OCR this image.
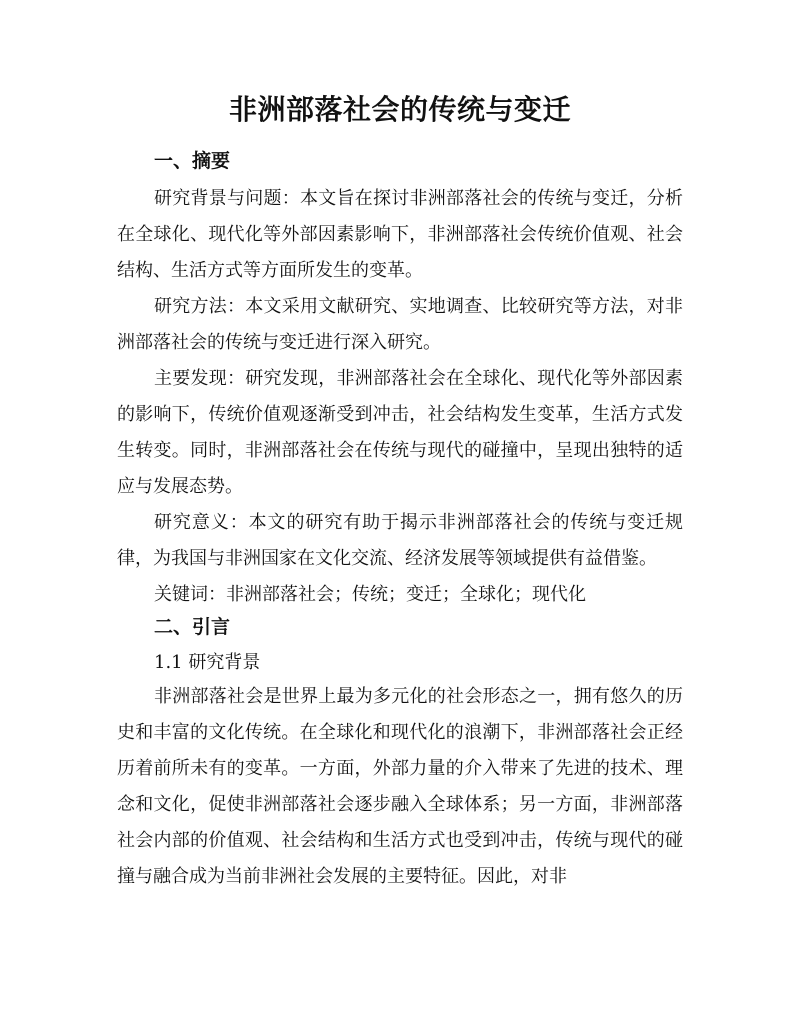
非洲部落社会的传统与变迁
一、摘要

研究背景与问题：本文旨在探讨非洲部落社会的传统与变迁，分析在全球化、现代化等外部因素影响下，非洲部落社会传统价值观、社会结构、生活方式等方面所发生的变革。

研究方法：本文采用文献研究、实地调查、比较研究等方法，对非洲部落社会的传统与变迁进行深入研究。

主要发现：研究发现，非洲部落社会在全球化、现代化等外部因素的影响下，传统价值观逐渐受到冲击，社会结构发生变革，生活方式发生转变。同时，非洲部落社会在传统与现代的碰撞中，呈现出独特的适应与发展态势。

研究意义：本文的研究有助于揭示非洲部落社会的传统与变迁规律，为我国与非洲国家在文化交流、经济发展等领域提供有益借鉴。

关键词：非洲部落社会；传统；变迁；全球化；现代化

二、引言
1.1 研究背景

非洲部落社会是世界上最为多元化的社会形态之一，拥有悠久的历史和丰富的文化传统。在全球化和现代化的浪潮下，非洲部落社会正经历着前所未有的变革。一方面，外部力量的介入带来了先进的技术、理念和文化，促使非洲部落社会逐步融入全球体系；另一方面，非洲部落社会内部的价值观、社会结构和生活方式也受到冲击，传统与现代的碰撞与融合成为当前非洲社会发展的主要特征。因此，对非
